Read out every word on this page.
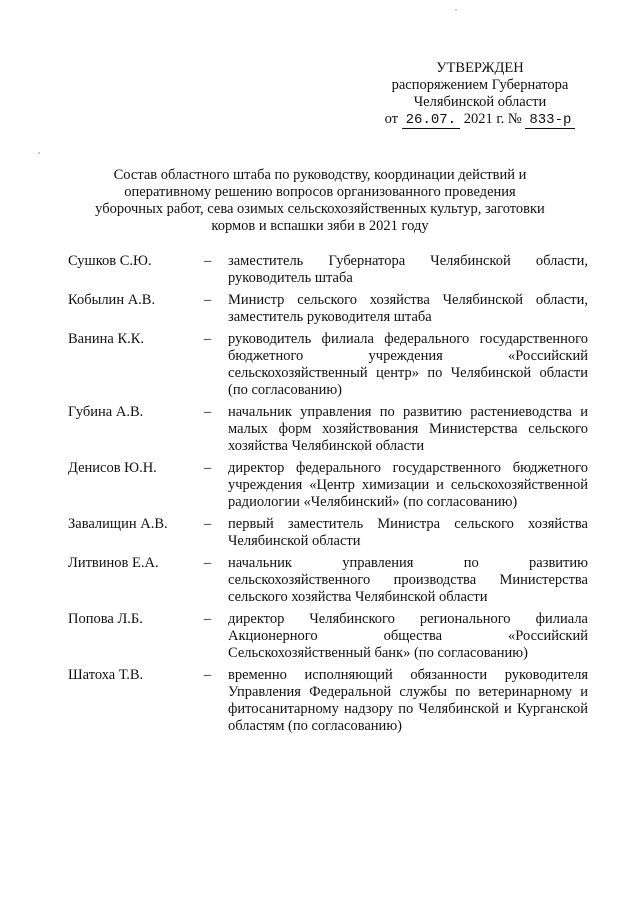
УТВЕРЖДЕН
распоряжением Губернатора
Челябинской области
от 26.07. 2021 г. № 833-р
Состав областного штаба по руководству, координации действий и оперативному решению вопросов организованного проведения уборочных работ, сева озимых сельскохозяйственных культур, заготовки кормов и вспашки зяби в 2021 году
Сушков С.Ю.	–	заместитель Губернатора Челябинской области, руководитель штаба
Кобылин А.В.	–	Министр сельского хозяйства Челябинской области, заместитель руководителя штаба
Ванина К.К.	–	руководитель филиала федерального государственного бюджетного учреждения «Российский сельскохозяйственный центр» по Челябинской области (по согласованию)
Губина А.В.	–	начальник управления по развитию растениеводства и малых форм хозяйствования Министерства сельского хозяйства Челябинской области
Денисов Ю.Н.	–	директор федерального государственного бюджетного учреждения «Центр химизации и сельскохозяйственной радиологии «Челябинский» (по согласованию)
Завалищин А.В.	–	первый заместитель Министра сельского хозяйства Челябинской области
Литвинов Е.А.	–	начальник управления по развитию сельскохозяйственного производства Министерства сельского хозяйства Челябинской области
Попова Л.Б.	–	директор Челябинского регионального филиала Акционерного общества «Российский Сельскохозяйственный банк» (по согласованию)
Шатоха Т.В.	–	временно исполняющий обязанности руководителя Управления Федеральной службы по ветеринарному и фитосанитарному надзору по Челябинской и Курганской областям (по согласованию)
